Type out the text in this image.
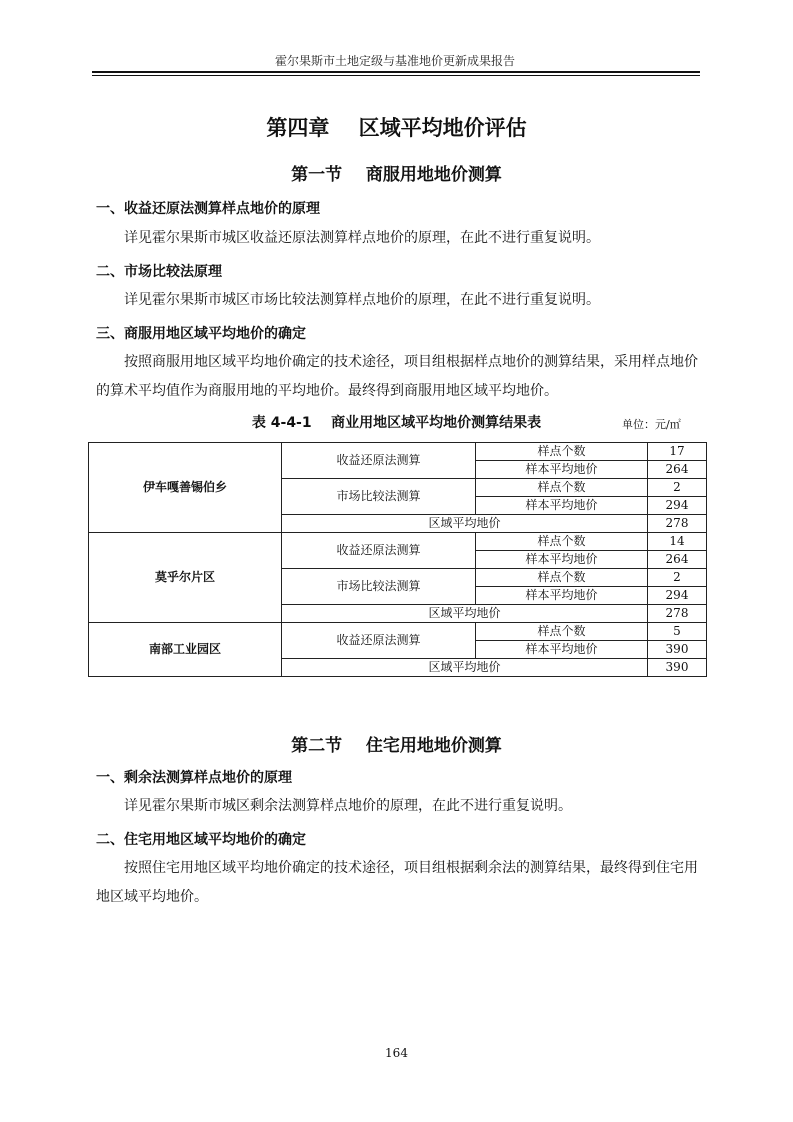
霍尔果斯市土地定级与基准地价更新成果报告
第四章    区域平均地价评估
第一节    商服用地地价测算
一、收益还原法测算样点地价的原理
详见霍尔果斯市城区收益还原法测算样点地价的原理，在此不进行重复说明。
二、市场比较法原理
详见霍尔果斯市城区市场比较法测算样点地价的原理，在此不进行重复说明。
三、商服用地区域平均地价的确定
按照商服用地区域平均地价确定的技术途径，项目组根据样点地价的测算结果，采用样点地价的算术平均值作为商服用地的平均地价。最终得到商服用地区域平均地价。
表 4-4-1    商业用地区域平均地价测算结果表	单位：元/㎡
伊车嘎善锡伯乡	收益还原法测算	样点个数	17
		样本平均地价	264
	市场比较法测算	样点个数	2
		样本平均地价	294
	区域平均地价		278
莫乎尔片区	收益还原法测算	样点个数	14
		样本平均地价	264
	市场比较法测算	样点个数	2
		样本平均地价	294
	区域平均地价		278
南部工业园区	收益还原法测算	样点个数	5
		样本平均地价	390
	区域平均地价		390
第二节    住宅用地地价测算
一、剩余法测算样点地价的原理
详见霍尔果斯市城区剩余法测算样点地价的原理，在此不进行重复说明。
二、住宅用地区域平均地价的确定
按照住宅用地区域平均地价确定的技术途径，项目组根据剩余法的测算结果，最终得到住宅用地区域平均地价。
164
